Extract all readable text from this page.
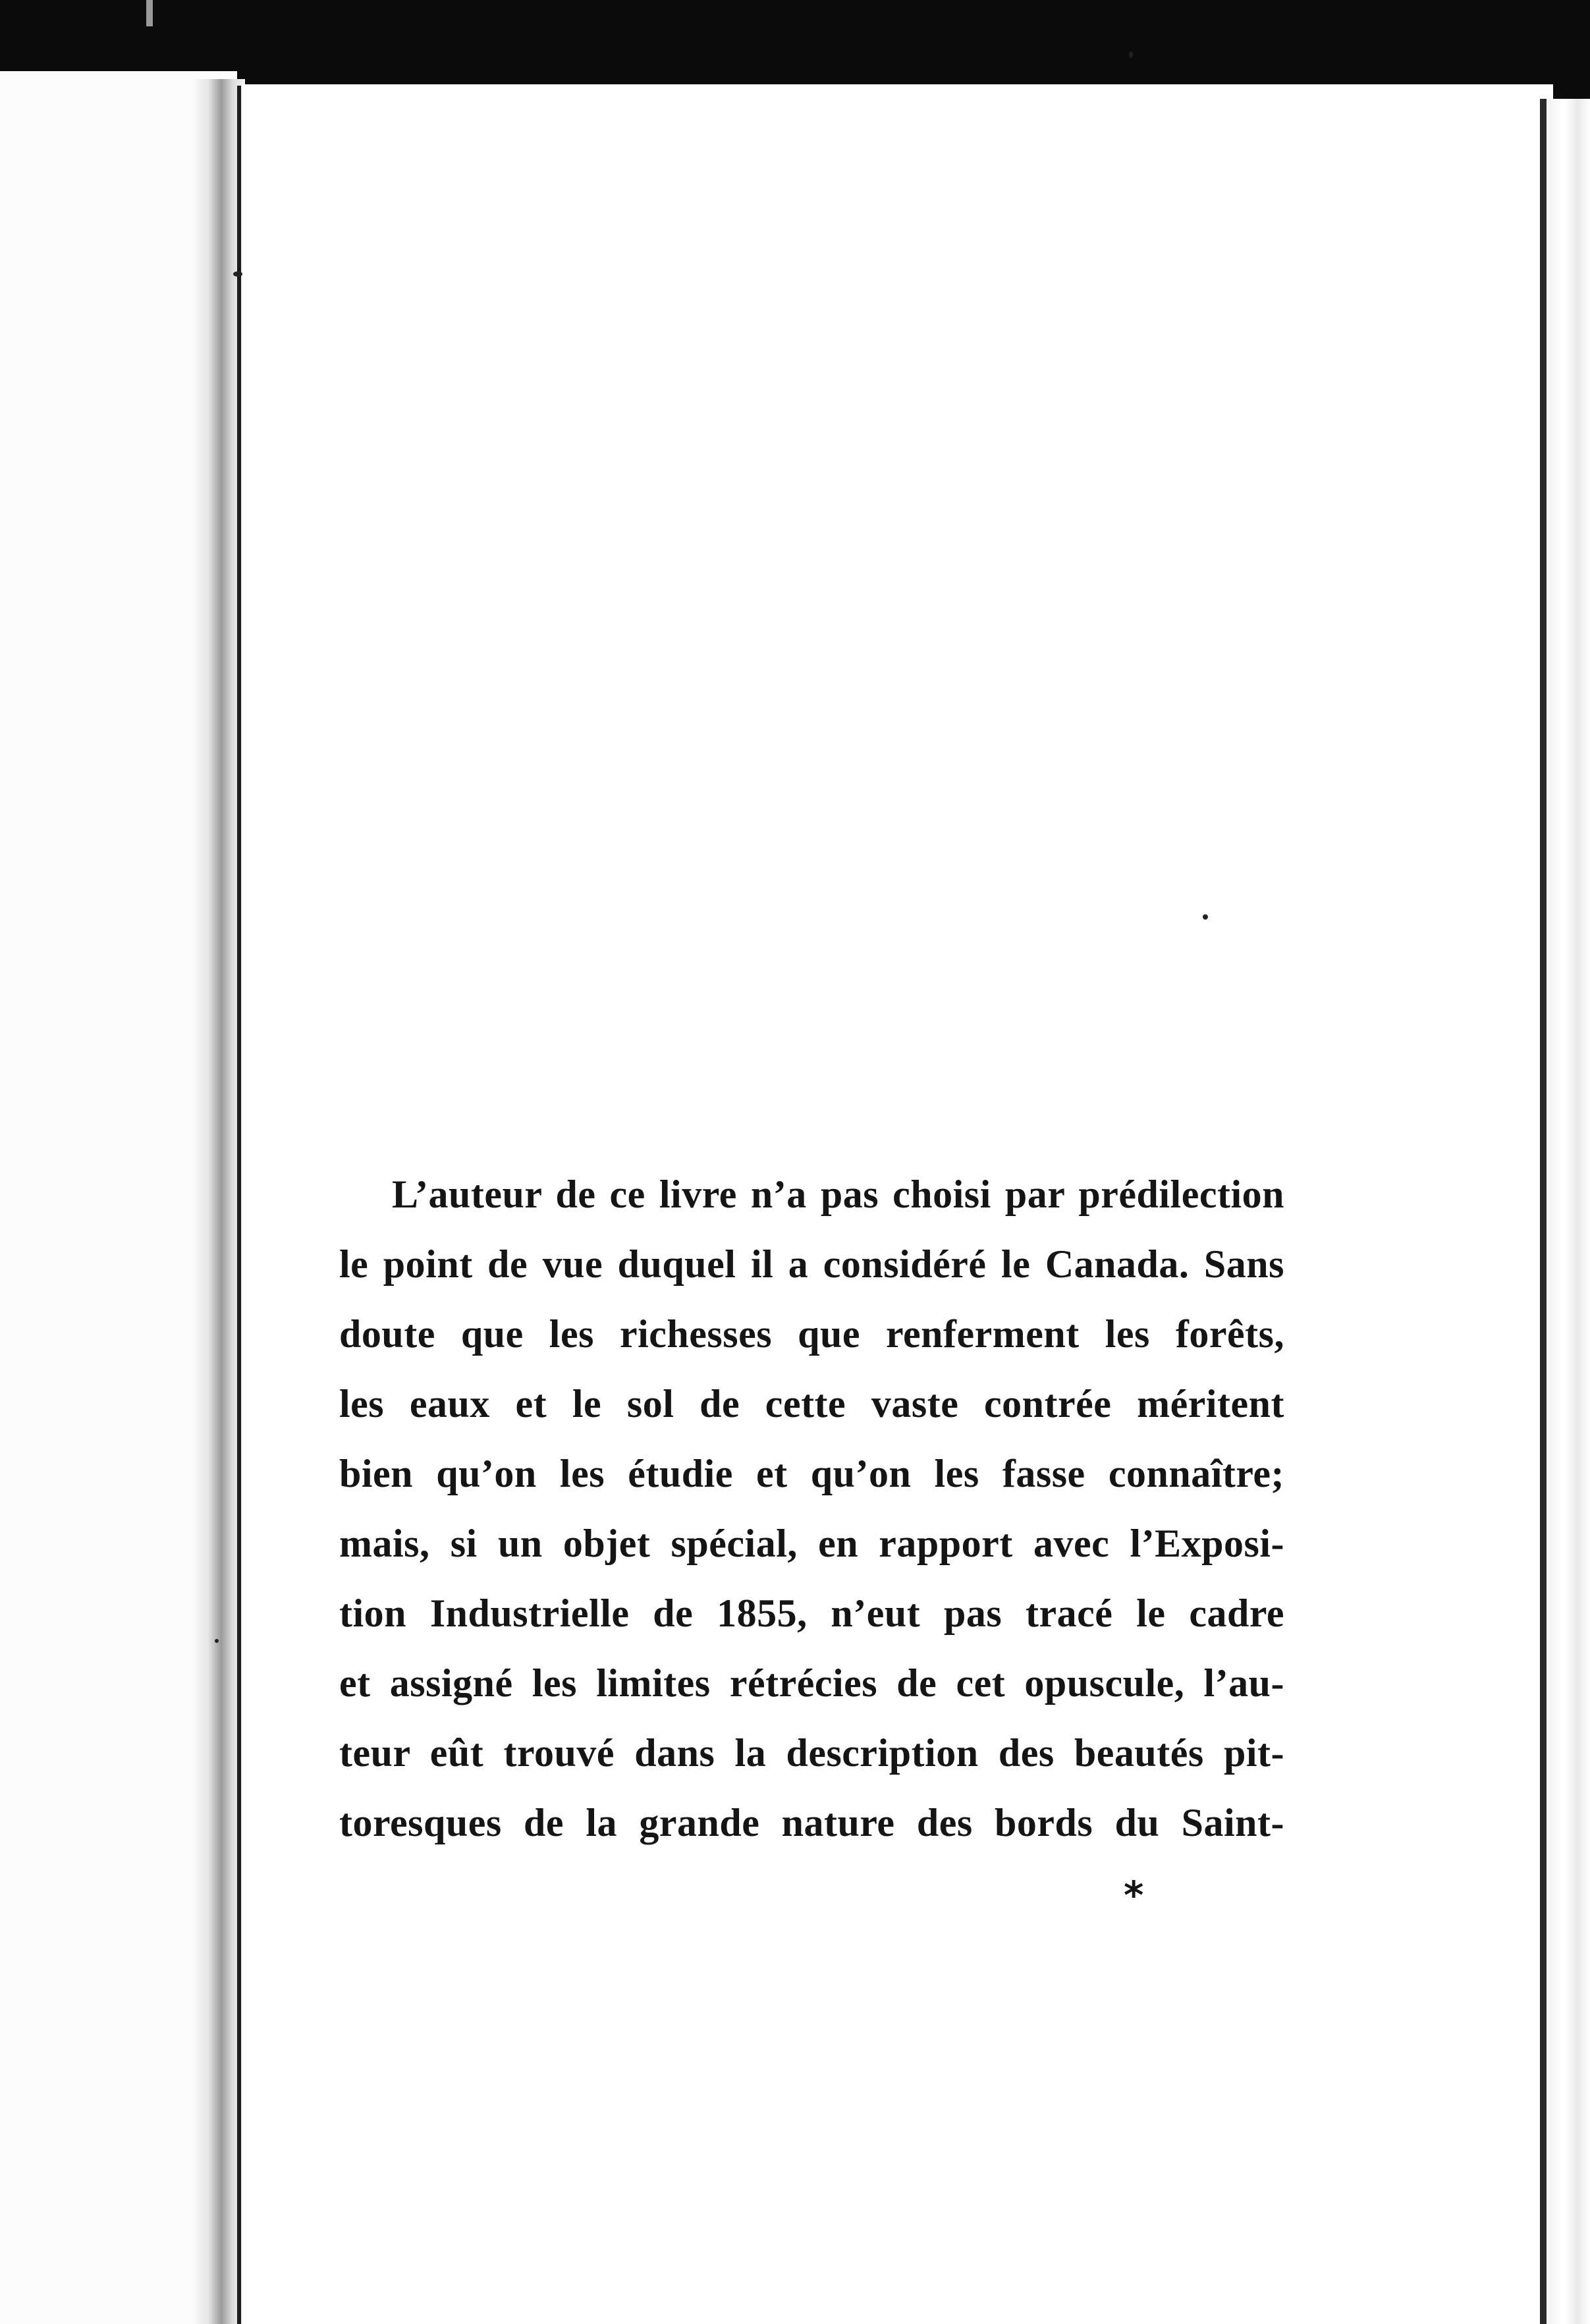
L’auteur de ce livre n’a pas choisi par prédilection
le point de vue duquel il a considéré le Canada. Sans
doute que les richesses que renferment les forêts,
les eaux et le sol de cette vaste contrée méritent
bien qu’on les étudie et qu’on les fasse connaître;
mais, si un objet spécial, en rapport avec l’Exposi-
tion Industrielle de 1855, n’eut pas tracé le cadre
et assigné les limites rétrécies de cet opuscule, l’au-
teur eût trouvé dans la description des beautés pit-
toresques de la grande nature des bords du Saint-
*
